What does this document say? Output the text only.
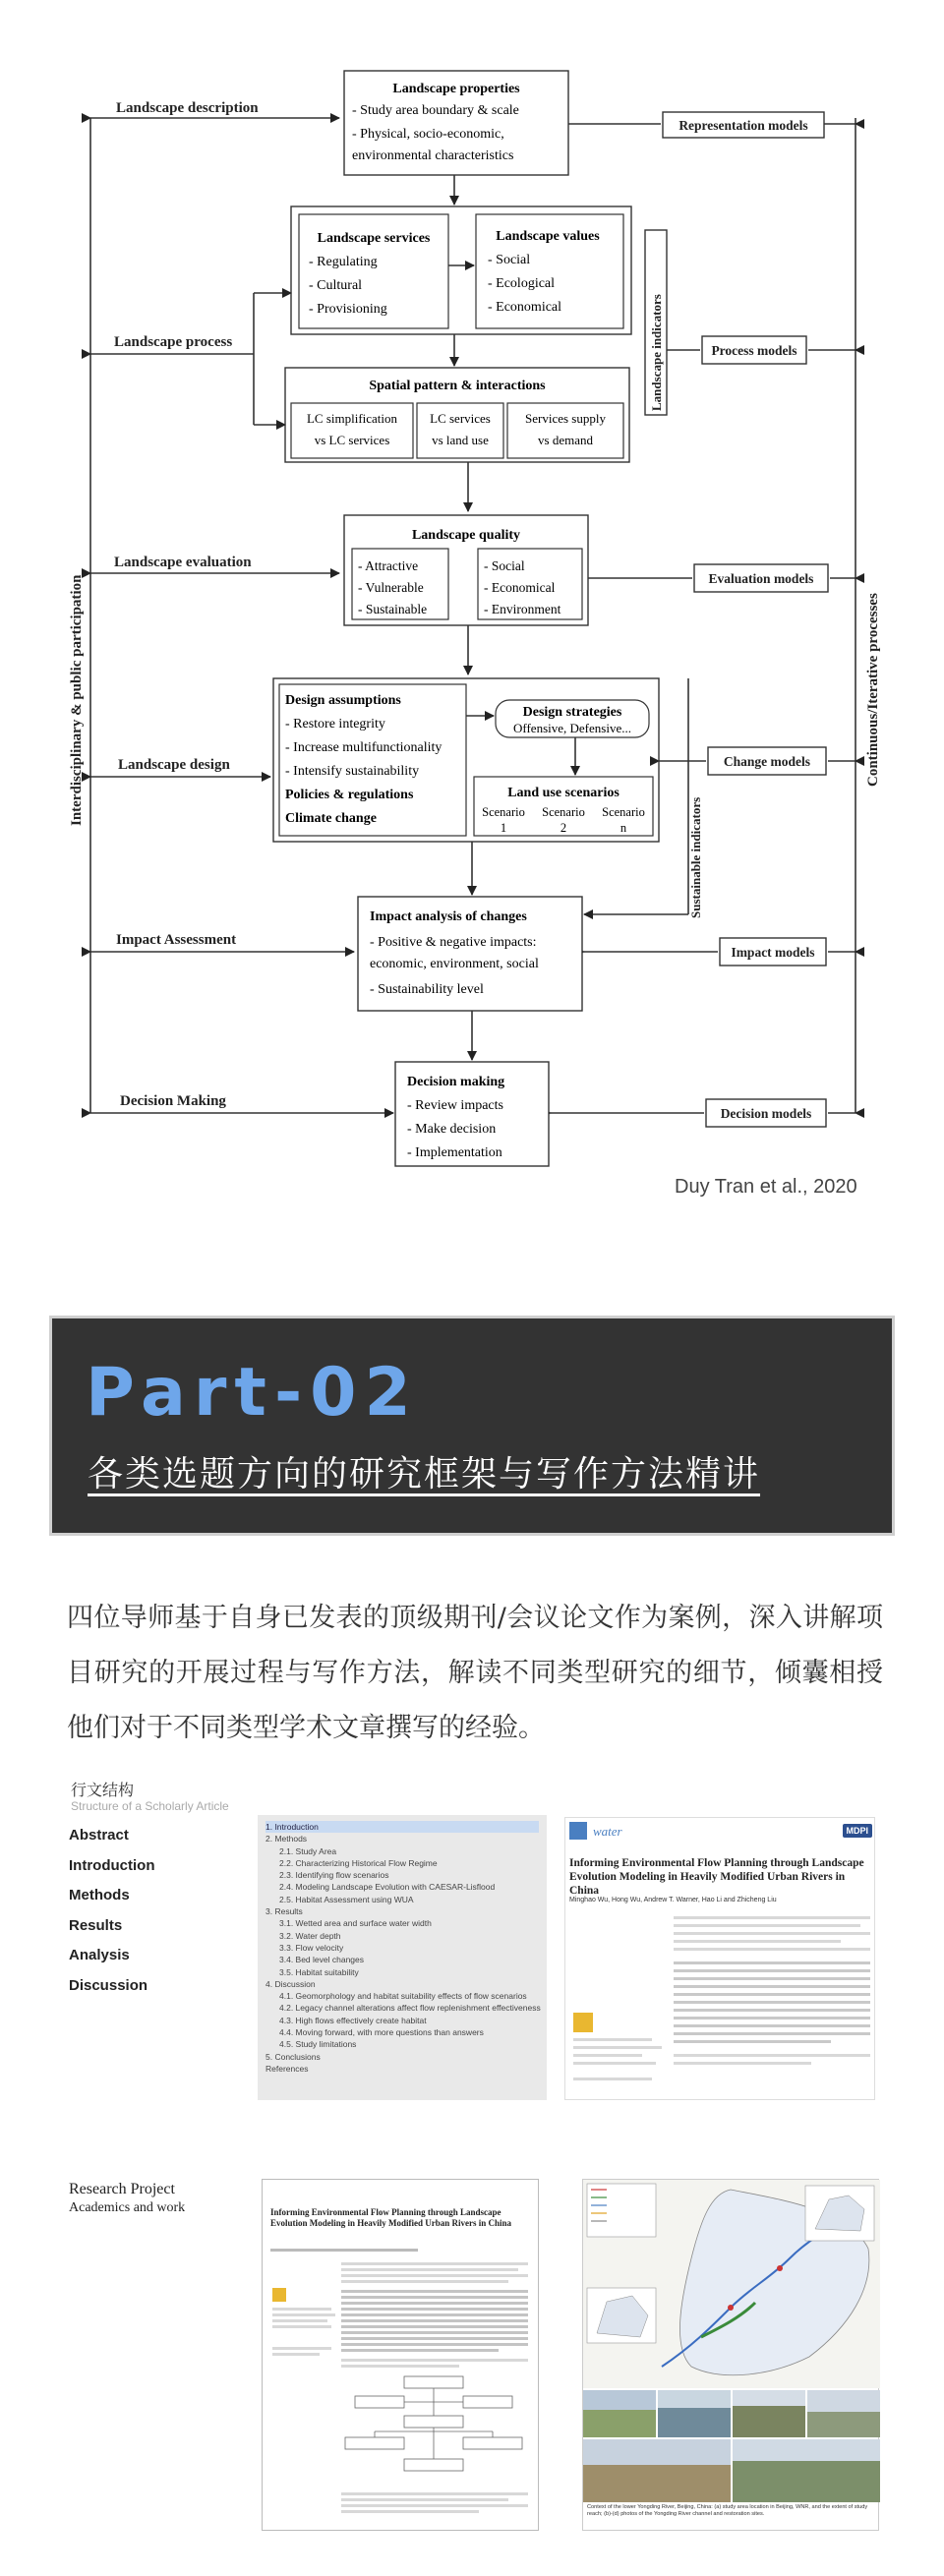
Landscape description
Landscape process
Landscape evaluation
Landscape design
Impact Assessment
Decision Making
Interdisciplinary & public participation	Continuous/Iterative processes
Landscape indicators
Sustainable indicators
Representation models
Process models
Evaluation models
Change models
Impact models
Decision models
Landscape properties
- Study area boundary & scale
- Physical, socio-economic,
environmental characteristics
Landscape services
- Regulating
- Cultural
- Provisioning
Landscape values
- Social
- Ecological
- Economical
Spatial pattern & interactions
LC simplification
vs LC services
LC services
vs land use
Services supply
vs demand
Landscape quality
- Attractive
- Vulnerable
- Sustainable
- Social
- Economical
- Environment
Design assumptions
- Restore integrity
- Increase multifunctionality
- Intensify sustainability
Policies & regulations
Climate change
Design strategies
Offensive, Defensive...
Land use scenarios
Scenario Scenario Scenario
1	2	n
Impact analysis of changes
- Positive & negative impacts:
economic, environment, social
- Sustainability level
Decision making
- Review impacts
- Make decision
- Implementation
Duy Tran et al., 2020
Part-02
各类选题方向的研究框架与写作方法精讲

四位导师基于自身已发表的顶级期刊/会议论文作为案例，深入讲解项目研究的开展过程与写作方法，解读不同类型研究的细节，倾囊相授他们对于不同类型学术文章撰写的经验。

行文结构
Structure of a Scholarly Article
Abstract
Introduction
Methods
Results
Analysis
Discussion
1. Introduction
2. Methods
2.1. Study Area
2.2. Characterizing Historical Flow Regime
2.3. Identifying flow scenarios
2.4. Modeling Landscape Evolution with CAESAR-Lisflood
2.5. Habitat Assessment using WUA
3. Results
3.1. Wetted area and surface water width
3.2. Water depth
3.3. Flow velocity
3.4. Bed level changes
3.5. Habitat suitability
4. Discussion
4.1. Geomorphology and habitat suitability effects of flow scenarios
4.2. Legacy channel alterations affect flow replenishment effectiveness
4.3. High flows effectively create habitat
4.4. Moving forward, with more questions than answers
4.5. Study limitations
5. Conclusions
References
water	MDPI
Informing Environmental Flow Planning through Landscape Evolution Modeling in Heavily Modified Urban Rivers in China
Minghao Wu, Hong Wu, Andrew T. Warner, Hao Li and Zhicheng Liu
Research Project
Academics and work	Informing Environmental Flow Planning through Landscape Evolution Modeling in Heavily Modified Urban Rivers in China
Context of the lower Yongding River, Beijing, China: (a) study area location in Beijing, WNR, and the extent of study reach; (b)-(d) photos of the Yongding River channel and restoration sites.
